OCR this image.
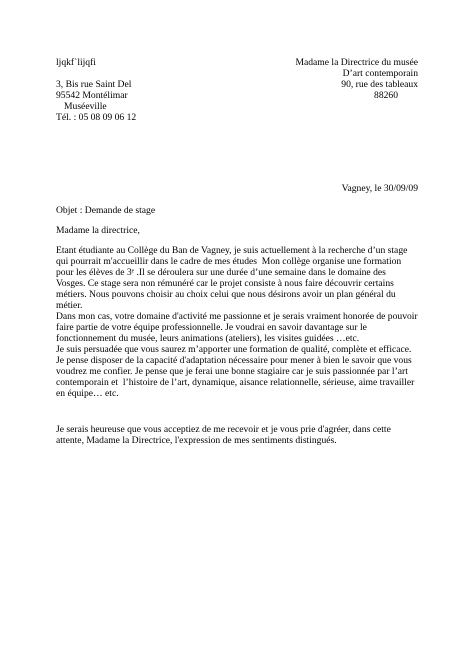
ljqkf`lijqfi
3, Bis rue Saint Del
95542 Montélimar
Muséeville
Tél. : 05 08 09 06 12
Madame la Directrice du musée
D’art contemporain
90, rue des tableaux
88260
Vagney, le 30/09/09
Objet : Demande de stage
Madame la directrice,
Etant étudiante au Collège du Ban de Vagney, je suis actuellement à la recherche d’un stage
qui pourrait m'accueillir dans le cadre de mes études  Mon collège organise une formation
pour les élèves de 3ᵉ .Il se déroulera sur une durée d’une semaine dans le domaine des
Vosges. Ce stage sera non rémunéré car le projet consiste à nous faire découvrir certains
métiers. Nous pouvons choisir au choix celui que nous désirons avoir un plan général du
métier.
Dans mon cas, votre domaine d'activité me passionne et je serais vraiment honorée de pouvoir
faire partie de votre équipe professionnelle. Je voudrai en savoir davantage sur le
fonctionnement du musée, leurs animations (ateliers), les visites guidées …etc.
Je suis persuadée que vous saurez m’apporter une formation de qualité, complète et efficace.
Je pense disposer de la capacité d'adaptation nécessaire pour mener à bien le savoir que vous
voudrez me confier. Je pense que je ferai une bonne stagiaire car je suis passionnée par l’art
contemporain et  l’histoire de l’art, dynamique, aisance relationnelle, sérieuse, aime travailler
en équipe… etc.
Je serais heureuse que vous acceptiez de me recevoir et je vous prie d'agréer, dans cette
attente, Madame la Directrice, l'expression de mes sentiments distingués.
